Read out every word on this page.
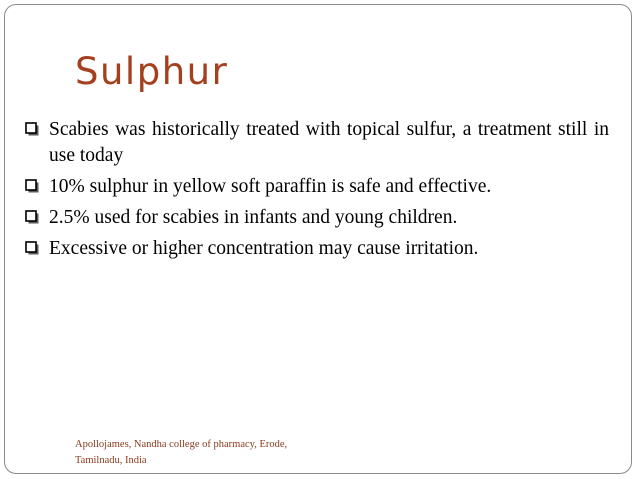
Sulphur
Scabies was historically treated with topical sulfur, a treatment still in use today
10% sulphur in yellow soft paraffin is safe and effective.
2.5% used for scabies in infants and young children.
Excessive or higher concentration may cause irritation.
Apollojames, Nandha college of pharmacy, Erode,
Tamilnadu, India
